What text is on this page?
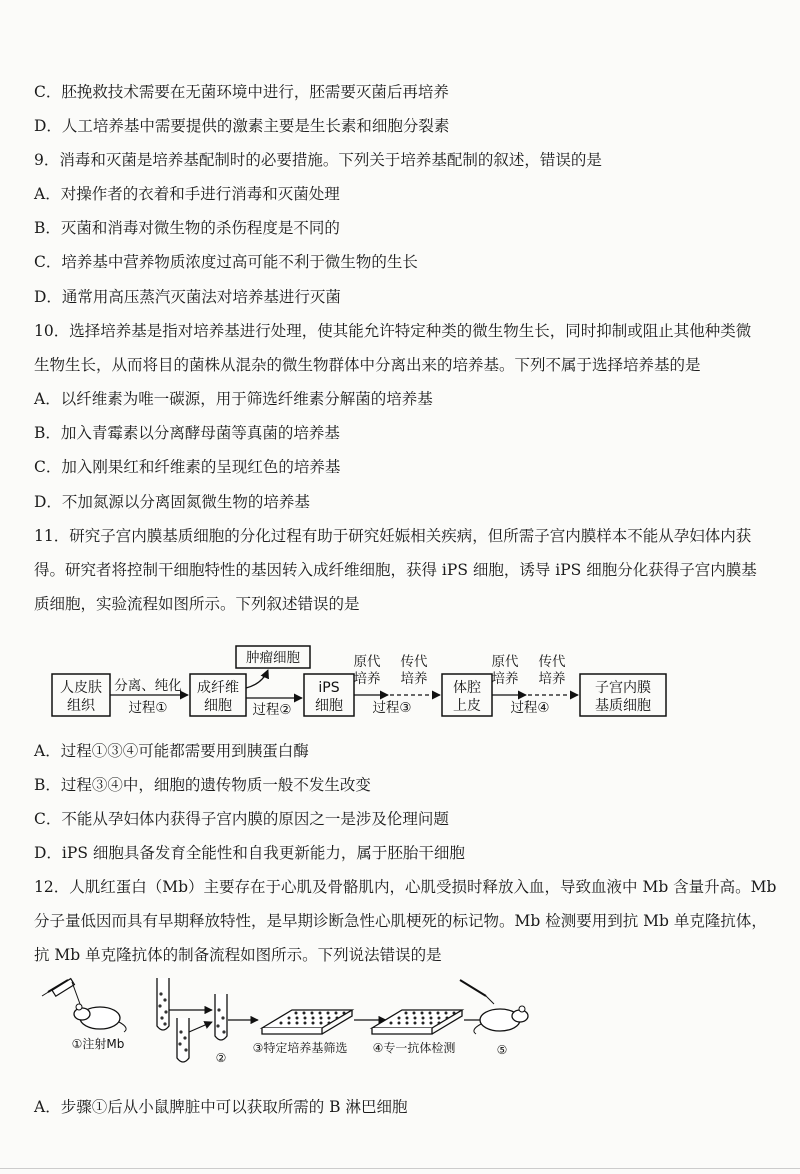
C．胚挽救技术需要在无菌环境中进行，胚需要灭菌后再培养
D．人工培养基中需要提供的激素主要是生长素和细胞分裂素
9．消毒和灭菌是培养基配制时的必要措施。下列关于培养基配制的叙述，错误的是
A．对操作者的衣着和手进行消毒和灭菌处理
B．灭菌和消毒对微生物的杀伤程度是不同的
C．培养基中营养物质浓度过高可能不利于微生物的生长
D．通常用高压蒸汽灭菌法对培养基进行灭菌
10．选择培养基是指对培养基进行处理，使其能允许特定种类的微生物生长，同时抑制或阻止其他种类微
生物生长，从而将目的菌株从混杂的微生物群体中分离出来的培养基。下列不属于选择培养基的是
A．以纤维素为唯一碳源，用于筛选纤维素分解菌的培养基
B．加入青霉素以分离酵母菌等真菌的培养基
C．加入刚果红和纤维素的呈现红色的培养基
D．不加氮源以分离固氮微生物的培养基
11．研究子宫内膜基质细胞的分化过程有助于研究妊娠相关疾病，但所需子宫内膜样本不能从孕妇体内获
得。研究者将控制干细胞特性的基因转入成纤维细胞，获得 iPS 细胞，诱导 iPS 细胞分化获得子宫内膜基
质细胞，实验流程如图所示。下列叙述错误的是
人皮肤
组织
分离、纯化
过程①
成纤维
细胞
肿瘤细胞
过程②
iPS
细胞
原代
培养
传代
培养
过程③
体腔
上皮
原代
培养
传代
培养
过程④
子宫内膜
基质细胞
A．过程①③④可能都需要用到胰蛋白酶
B．过程③④中，细胞的遗传物质一般不发生改变
C．不能从孕妇体内获得子宫内膜的原因之一是涉及伦理问题
D．iPS 细胞具备发育全能性和自我更新能力，属于胚胎干细胞
12．人肌红蛋白（Mb）主要存在于心肌及骨骼肌内，心肌受损时释放入血，导致血液中 Mb 含量升高。Mb
分子量低因而具有早期释放特性，是早期诊断急性心肌梗死的标记物。Mb 检测要用到抗 Mb 单克隆抗体，
抗 Mb 单克隆抗体的制备流程如图所示。下列说法错误的是
①注射Mb
②
③特定培养基筛选 ④专一抗体检测	⑤
A．步骤①后从小鼠脾脏中可以获取所需的 B 淋巴细胞
